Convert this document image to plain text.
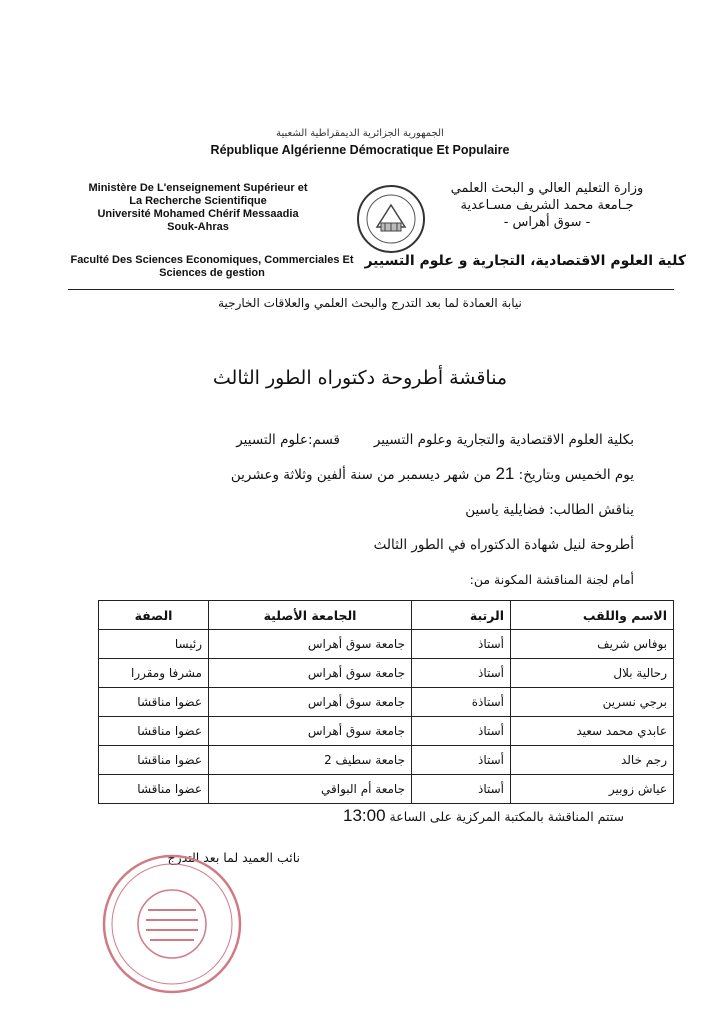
الجمهورية الجزائرية الديمقراطية الشعبية
République Algérienne Démocratique Et Populaire
Ministère De L'enseignement Supérieur et
La Recherche Scientifique
Université Mohamed Chérif Messaadia
Souk-Ahras
وزارة التعليم العالي و البحث العلمي
جـامعة محمد الشريف مسـاعدية
- سوق أهراس -
Faculté Des Sciences Economiques, Commerciales Et
Sciences de gestion
كلية العلوم الاقتصادية، التجارية و علوم التسيير
نيابة العمادة لما بعد التدرج والبحث العلمي والعلاقات الخارجية
مناقشة أطروحة دكتوراه الطور الثالث
بكلية العلوم الاقتصادية والتجارية وعلوم التسيير
قسم:علوم التسيير
يوم الخميس وبتاريخ: 21 من شهر ديسمبر من سنة ألفين وثلاثة وعشرين
يناقش الطالب: فضايلية ياسين
أطروحة لنيل شهادة الدكتوراه في الطور الثالث
أمام لجنة المناقشة المكونة من:
الاسم واللقب	الرتبة	الجامعة الأصلية	الصفة
بوفاس شريف	أستاذ	جامعة سوق أهراس	رئيسا
رحالية بلال	أستاذ	جامعة سوق أهراس	مشرفا ومقررا
برجي نسرين	أستاذة	جامعة سوق أهراس	عضوا مناقشا
عابدي محمد سعيد	أستاذ	جامعة سوق أهراس	عضوا مناقشا
رجم خالد	أستاذ	جامعة سطيف 2	عضوا مناقشا
عياش زوبير	أستاذ	جامعة أم البواقي	عضوا مناقشا
ستتم المناقشة بالمكتبة المركزية على الساعة 13:00
نائب العميد لما بعد التدرج
